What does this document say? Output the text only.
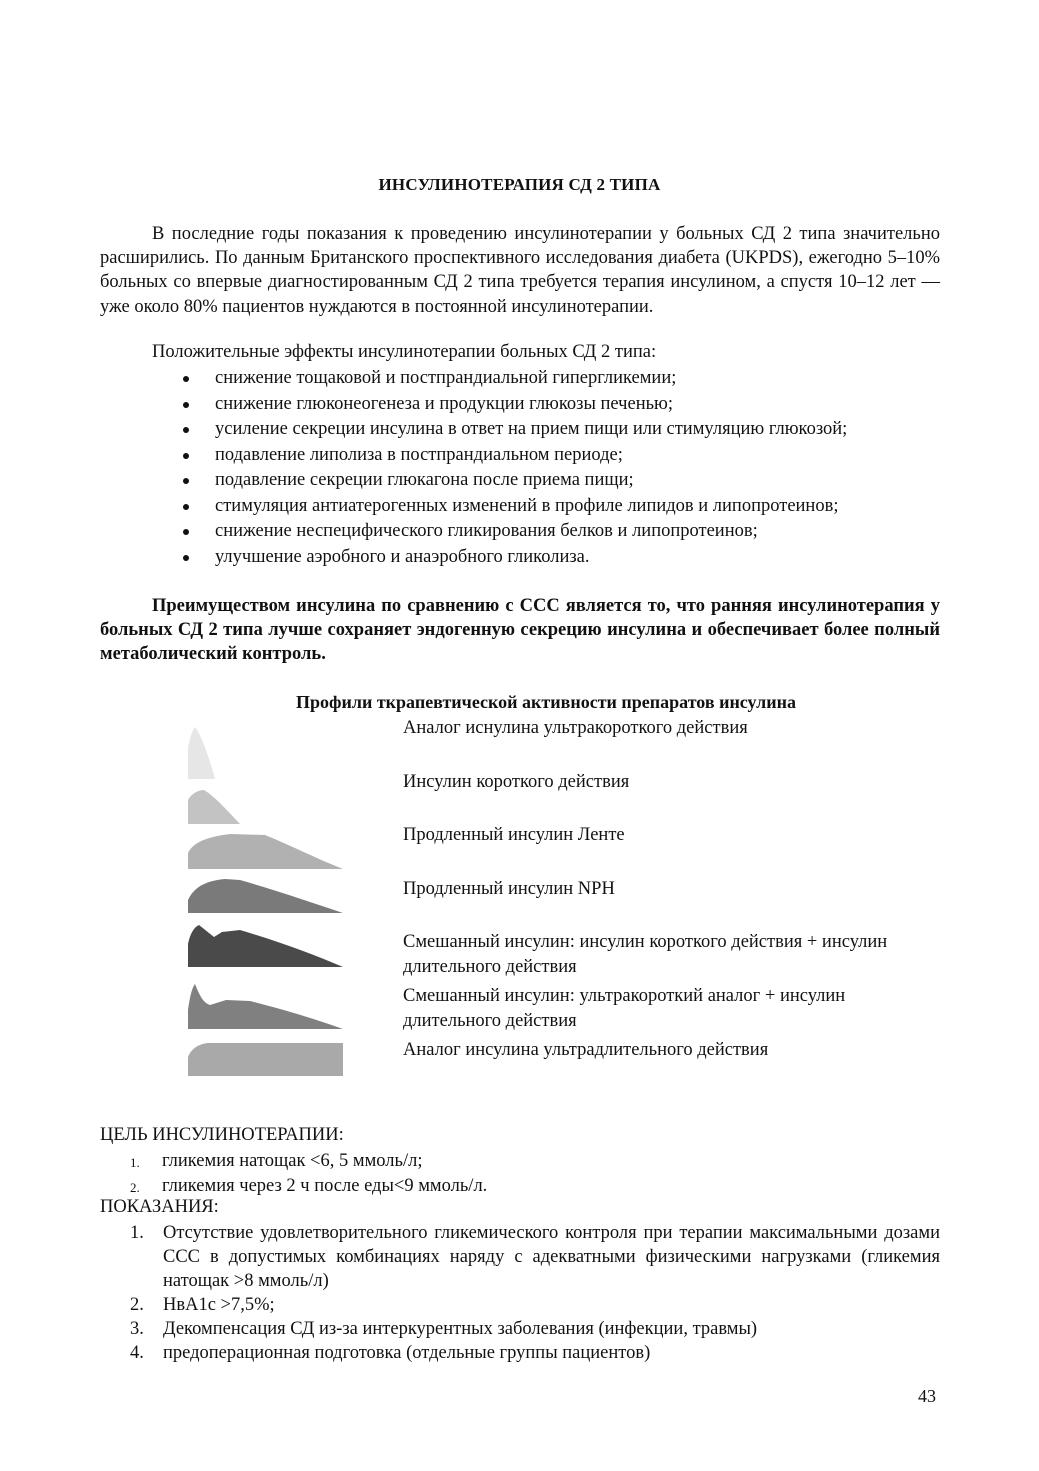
ИНСУЛИНОТЕРАПИЯ СД 2 ТИПА

В последние годы показания к проведению инсулинотерапии у больных СД 2 типа значительно расширились. По данным Британского проспективного исследования диабета (UKPDS), ежегодно 5–10% больных со впервые диагностированным СД 2 типа требуется терапия инсулином, а спустя 10–12 лет — уже около 80% пациентов нуждаются в постоянной инсулинотерапии.

Положительные эффекты инсулинотерапии больных СД 2 типа:
снижение тощаковой и постпрандиальной гипергликемии;
снижение глюконеогенеза и продукции глюкозы печенью;
усиление секреции инсулина в ответ на прием пищи или стимуляцию глюкозой;
подавление липолиза в постпрандиальном периоде;
подавление секреции глюкагона после приема пищи;
стимуляция антиатерогенных изменений в профиле липидов и липопротеинов;
снижение неспецифического гликирования белков и липопротеинов;
улучшение аэробного и анаэробного гликолиза.

Преимуществом инсулина по сравнению с ССС является то, что ранняя инсулинотерапия у больных СД 2 типа лучше сохраняет эндогенную секрецию инсулина и обеспечивает более полный метаболический контроль.

Профили ткрапевтической активности препаратов инсулина
Аналог иснулина ультракороткого действия
Инсулин короткого действия
Продленный инсулин Ленте
Продленный инсулин NPH
Смешанный инсулин: инсулин короткого действия + инсулин длительного действия
Смешанный инсулин: ультракороткий аналог + инсулин длительного действия
Аналог инсулина ультрадлительного действия
ЦЕЛЬ ИНСУЛИНОТЕРАПИИ:
1. гликемия натощак <6, 5 ммоль/л;
2. гликемия через 2 ч после еды<9 ммоль/л.
ПОКАЗАНИЯ:
1. Отсутствие удовлетворительного гликемического контроля при терапии максимальными дозами ССС в допустимых комбинациях наряду с адекватными физическими нагрузками (гликемия натощак >8 ммоль/л)
2. НвА1с >7,5%;
3. Декомпенсация СД из-за интеркурентных заболевания (инфекции, травмы)
4. предоперационная подготовка (отдельные группы пациентов)
43
